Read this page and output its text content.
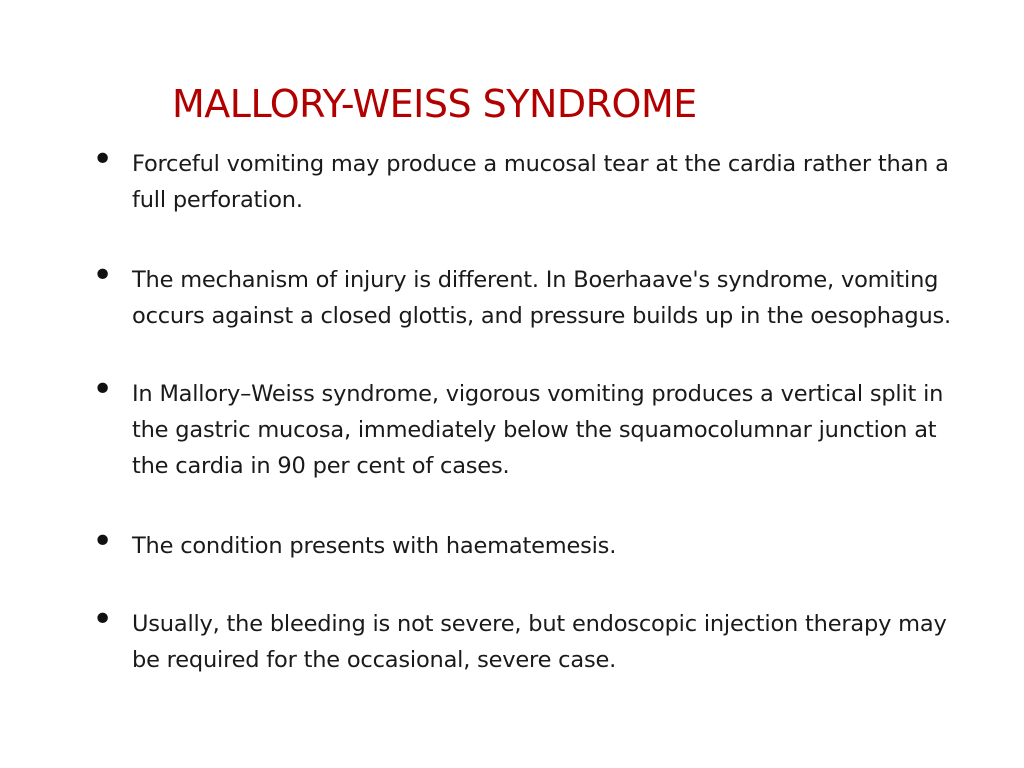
MALLORY-WEISS SYNDROME
• Forceful vomiting may produce a mucosal tear at the cardia rather than a full perforation.

• The mechanism of injury is different. In Boerhaave's syndrome, vomiting occurs against a closed glottis, and pressure builds up in the oesophagus.

• In Mallory–Weiss syndrome, vigorous vomiting produces a vertical split in the gastric mucosa, immediately below the squamocolumnar junction at the cardia in 90 per cent of cases.

• The condition presents with haematemesis.

• Usually, the bleeding is not severe, but endoscopic injection therapy may be required for the occasional, severe case.
